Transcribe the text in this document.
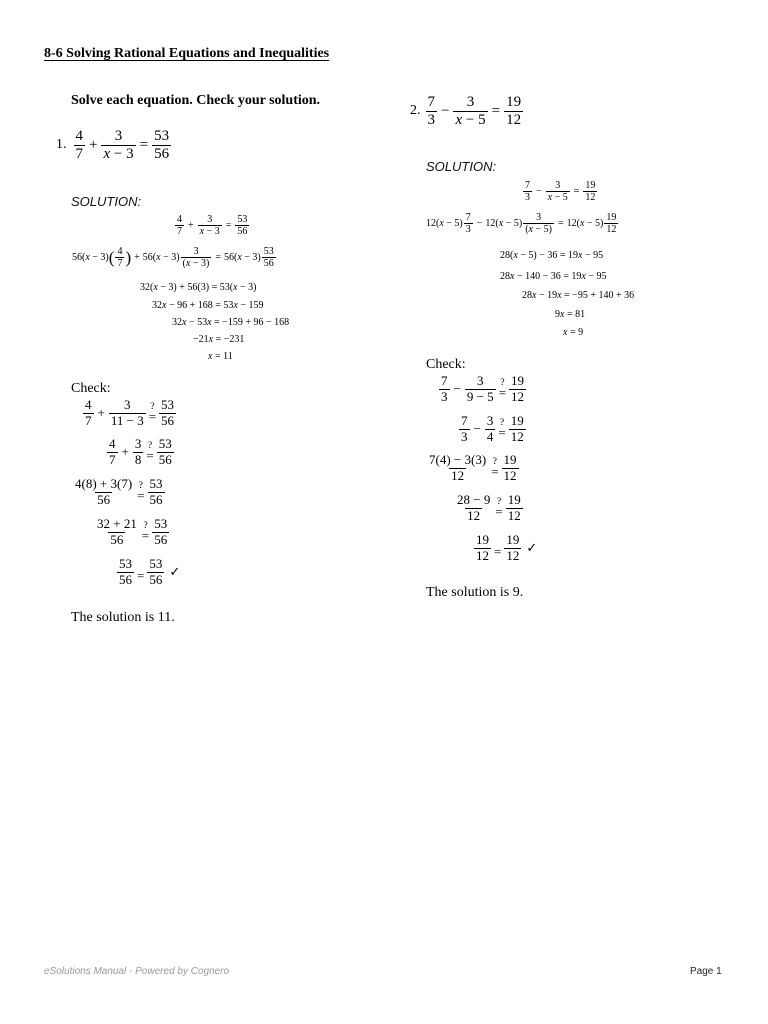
8-6 Solving Rational Equations and Inequalities
Solve each equation. Check your solution.
1.
4
7
+ $\frac{3}{x - 3} = \frac{53}{56}$
SOLUTION:
4
7
+ $\frac{3}{x - 3} = \frac{53}{56}$
56(x − 3) ( 4
7 ) + $56(x - 3) \frac{3}{(x - 3)} = 56(x - 3)$
53
56
32(x − 3) + 56(3) = 53(x − 3)
32x − 96 + 168 = 53x − 159
32x − 53x = −159 + 96 − 168
−21x = −231
x = 11
Check:
4
$7 + \frac{3}{11 - 3}$ ?
= $\frac{53}{56}$
4
$7 + \frac{3}{8}$ ?
= $\frac{53}{56}$
4(8) + 3(7)
56
?
= $\frac{53}{56}$
32 + 21
56
?
= $\frac{53}{56}$
53
$56 = \frac{53}{56}$ ✓
The solution is 11.
2.
7
3
− $\frac{3}{x - 5} = \frac{19}{12}$
SOLUTION:
7
3
− $\frac{3}{x - 5} = \frac{19}{12}$
12(x − 5)
7
3
− $12(x - 5) \frac{3}{(x - 5)} = 12(x - 5)$
19
12
28(x − 5) − 36 = 19x − 95
28x − 140 − 36 = 19x − 95
28x − 19x = −95 + 140 + 36
9x = 81
x = 9
Check:
7
$3 - \frac{3}{9 - 5}$ ?
= $\frac{19}{12}$
7
$3 - \frac{3}{4}$ ?
= $\frac{19}{12}$
7(4) − 3(3)
12
?
= $\frac{19}{12}$
28 − 9
12
?
= $\frac{19}{12}$
19
$12 = \frac{19}{12}$ ✓
The solution is 9.
eSolutions Manual - Powered by Cognero	Page 1
